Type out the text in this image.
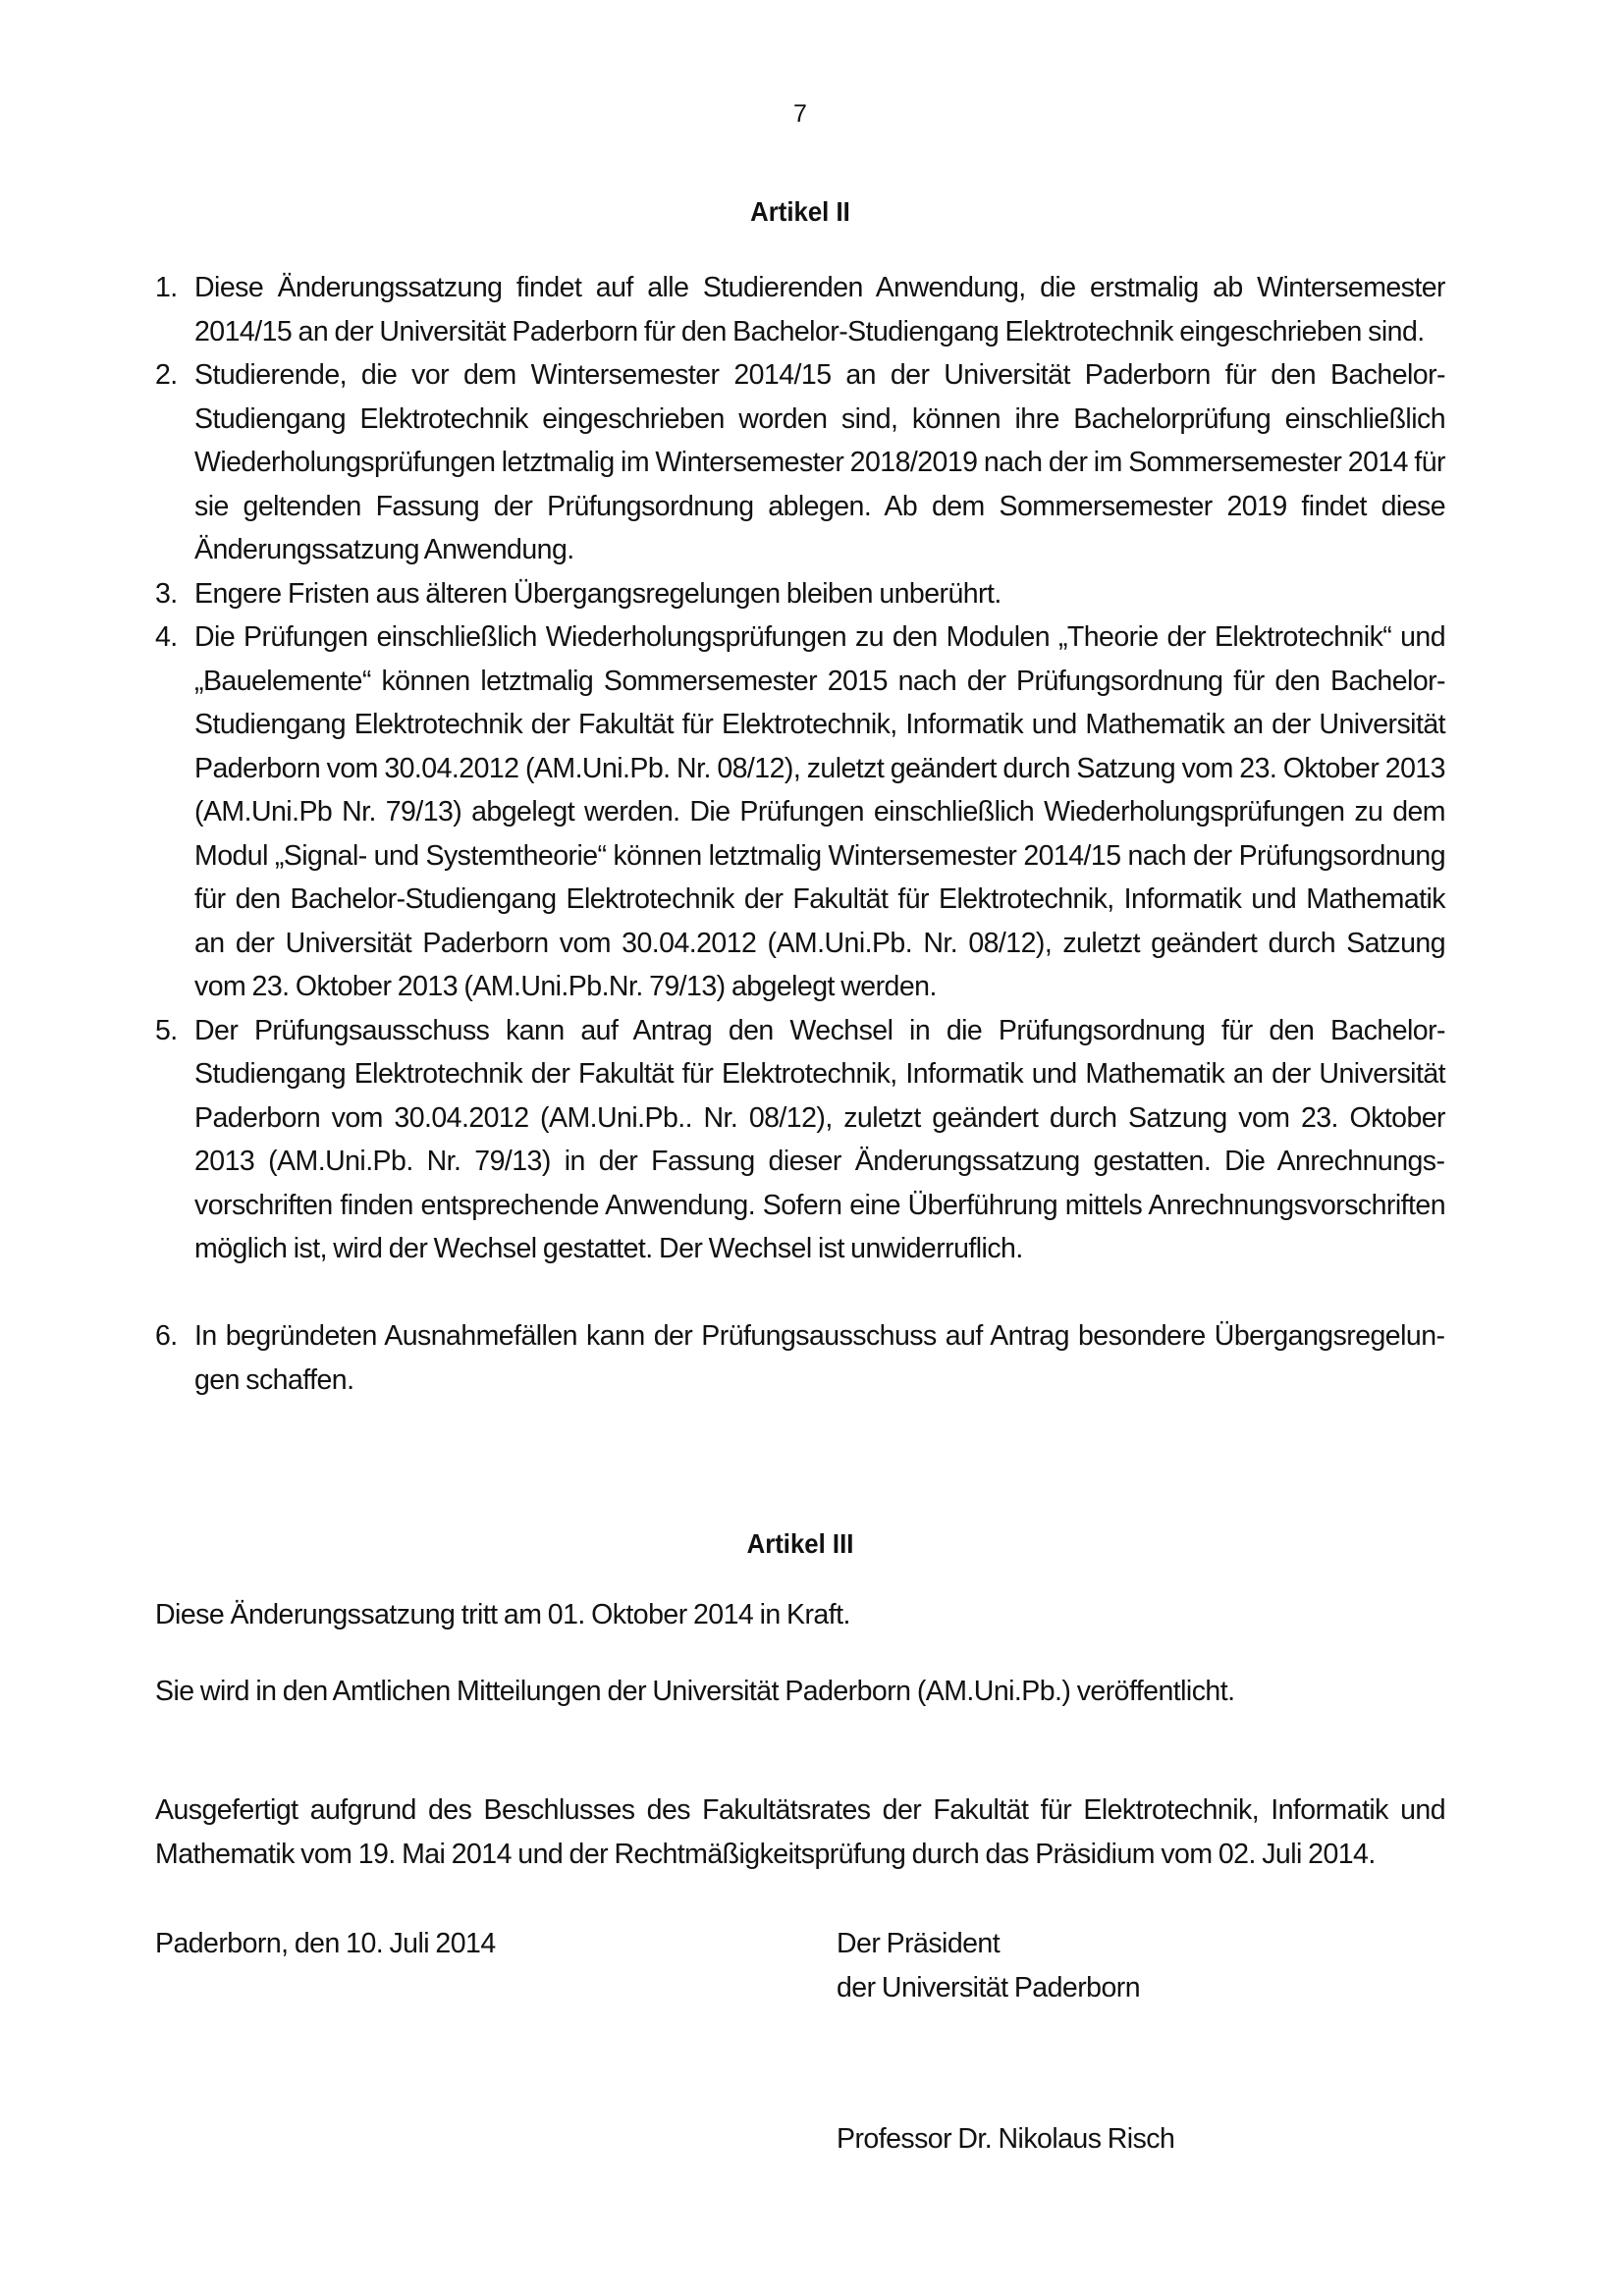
7
Artikel II
1. Diese Änderungssatzung findet auf alle Studierenden Anwendung, die erstmalig ab Wintersemester 2014/15 an der Universität Paderborn für den Bachelor-Studiengang Elektrotechnik eingeschrieben sind.
2. Studierende, die vor dem Wintersemester 2014/15 an der Universität Paderborn für den Bachelor-Studiengang Elektrotechnik eingeschrieben worden sind, können ihre Bachelorprüfung einschließlich Wiederholungsprüfungen letztmalig im Wintersemester 2018/2019 nach der im Sommersemester 2014 für sie geltenden Fassung der Prüfungsordnung ablegen. Ab dem Sommersemester 2019 findet diese Änderungssatzung Anwendung.
3. Engere Fristen aus älteren Übergangsregelungen bleiben unberührt.
4. Die Prüfungen einschließlich Wiederholungsprüfungen zu den Modulen „Theorie der Elektrotechnik“ und „Bauelemente“ können letztmalig Sommersemester 2015 nach der Prüfungsordnung für den Bachelor-Studiengang Elektrotechnik der Fakultät für Elektrotechnik, Informatik und Mathematik an der Universität Paderborn vom 30.04.2012 (AM.Uni.Pb. Nr. 08/12), zuletzt geändert durch Satzung vom 23. Oktober 2013 (AM.Uni.Pb Nr. 79/13) abgelegt werden. Die Prüfungen einschließlich Wiederholungsprüfungen zu dem Modul „Signal- und Systemtheorie“ können letztmalig Wintersemester 2014/15 nach der Prüfungsordnung für den Bachelor-Studiengang Elektrotechnik der Fakultät für Elektrotechnik, Informatik und Mathematik an der Universität Paderborn vom 30.04.2012 (AM.Uni.Pb. Nr. 08/12), zuletzt geändert durch Satzung vom 23. Oktober 2013 (AM.Uni.Pb.Nr. 79/13) abgelegt werden.
5. Der Prüfungsausschuss kann auf Antrag den Wechsel in die Prüfungsordnung für den Bachelor-Studiengang Elektrotechnik der Fakultät für Elektrotechnik, Informatik und Mathematik an der Universität Paderborn vom 30.04.2012 (AM.Uni.Pb.. Nr. 08/12), zuletzt geändert durch Satzung vom 23. Oktober 2013 (AM.Uni.Pb. Nr. 79/13) in der Fassung dieser Änderungssatzung gestatten. Die Anrechnungsvorschriften finden entsprechende Anwendung. Sofern eine Überführung mittels Anrechnungsvorschriften möglich ist, wird der Wechsel gestattet. Der Wechsel ist unwiderruflich.
6. In begründeten Ausnahmefällen kann der Prüfungsausschuss auf Antrag besondere Übergangsregelungen schaffen.
Artikel III

Diese Änderungssatzung tritt am 01. Oktober 2014 in Kraft.

Sie wird in den Amtlichen Mitteilungen der Universität Paderborn (AM.Uni.Pb.) veröffentlicht.

Ausgefertigt aufgrund des Beschlusses des Fakultätsrates der Fakultät für Elektrotechnik, Informatik und Mathematik vom 19. Mai 2014 und der Rechtmäßigkeitsprüfung durch das Präsidium vom 02. Juli 2014.

Paderborn, den 10. Juli 2014	Der Präsident
der Universität Paderborn
Professor Dr. Nikolaus Risch
